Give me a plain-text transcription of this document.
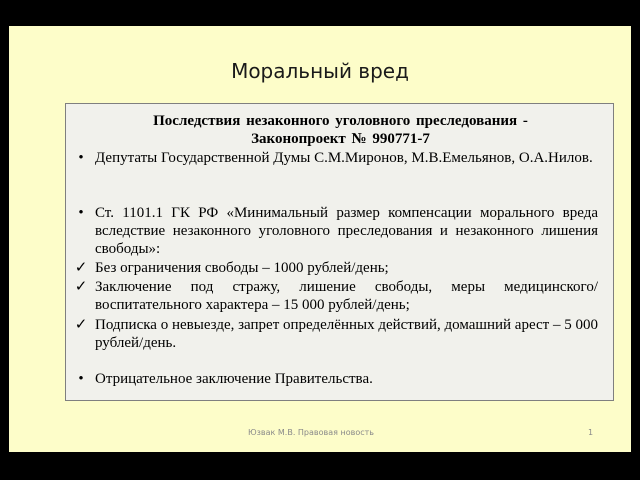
Моральный вред
Последствия незаконного уголовного преследования -
Законопроект № 990771-7
• Депутаты Государственной Думы С.М.Миронов, М.В.Емельянов, О.А.Нилов.
• Ст. 1101.1 ГК РФ «Минимальный размер компенсации морального вреда вследствие незаконного уголовного преследования и незаконного лишения свободы»:
✓ Без ограничения свободы – 1000 рублей/день;
✓ Заключение под стражу, лишение свободы, меры медицинского/воспитательного характера – 15 000 рублей/день;
✓ Подписка о невыезде, запрет определённых действий, домашний арест – 5 000 рублей/день.
• Отрицательное заключение Правительства.
Юзвак М.В. Правовая новость	1
